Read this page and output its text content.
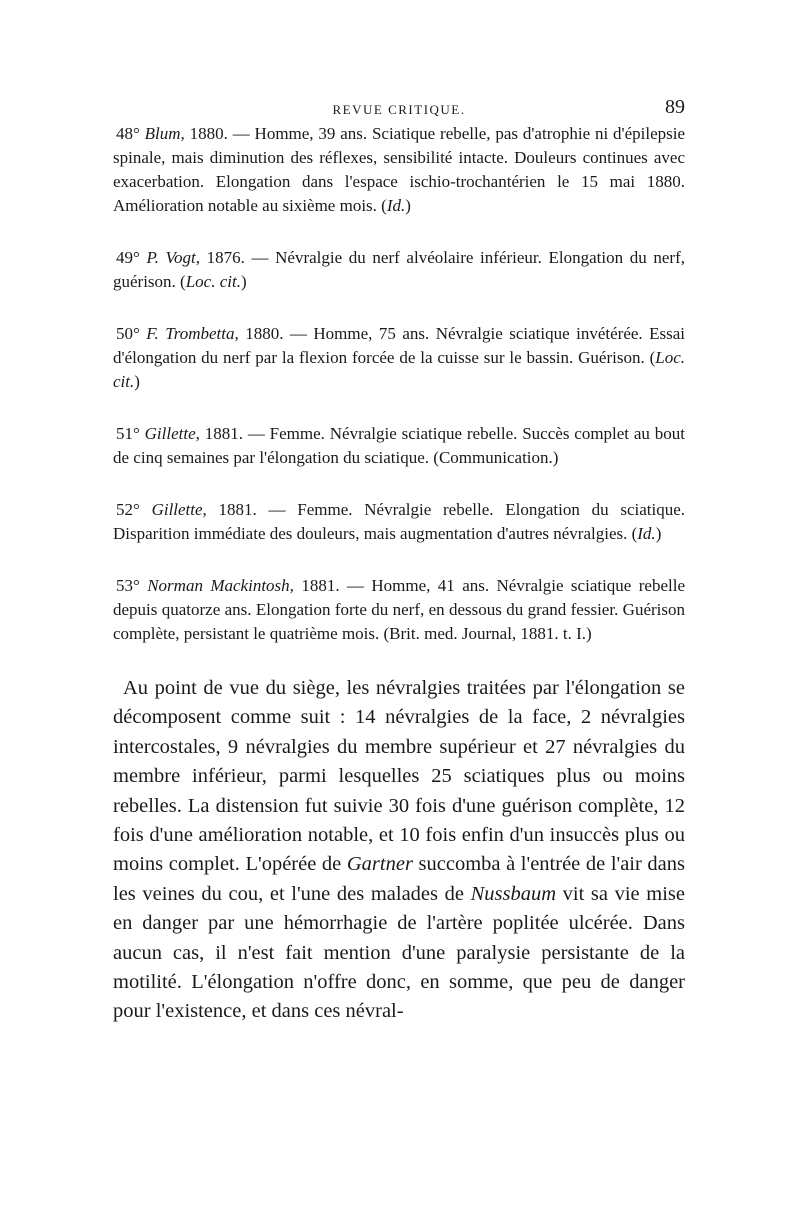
REVUE CRITIQUE.	89

48° Blum, 1880. — Homme, 39 ans. Sciatique rebelle, pas d'atrophie ni d'épilepsie spinale, mais diminution des réflexes, sensibilité intacte. Douleurs continues avec exacerbation. Elongation dans l'espace ischio-trochantérien le 15 mai 1880. Amélioration notable au sixième mois. (Id.)

49° P. Vogt, 1876. — Névralgie du nerf alvéolaire inférieur. Elongation du nerf, guérison. (Loc. cit.)

50° F. Trombetta, 1880. — Homme, 75 ans. Névralgie sciatique invétérée. Essai d'élongation du nerf par la flexion forcée de la cuisse sur le bassin. Guérison. (Loc. cit.)

51° Gillette, 1881. — Femme. Névralgie sciatique rebelle. Succès complet au bout de cinq semaines par l'élongation du sciatique. (Communication.)

52° Gillette, 1881. — Femme. Névralgie rebelle. Elongation du sciatique. Disparition immédiate des douleurs, mais augmentation d'autres névralgies. (Id.)

53° Norman Mackintosh, 1881. — Homme, 41 ans. Névralgie sciatique rebelle depuis quatorze ans. Elongation forte du nerf, en dessous du grand fessier. Guérison complète, persistant le quatrième mois. (Brit. med. Journal, 1881. t. I.)

Au point de vue du siège, les névralgies traitées par l'élongation se décomposent comme suit : 14 névralgies de la face, 2 névralgies intercostales, 9 névralgies du membre supérieur et 27 névralgies du membre inférieur, parmi lesquelles 25 sciatiques plus ou moins rebelles. La distension fut suivie 30 fois d'une guérison complète, 12 fois d'une amélioration notable, et 10 fois enfin d'un insuccès plus ou moins complet. L'opérée de Gartner succomba à l'entrée de l'air dans les veines du cou, et l'une des malades de Nussbaum vit sa vie mise en danger par une hémorrhagie de l'artère poplitée ulcérée. Dans aucun cas, il n'est fait mention d'une paralysie persistante de la motilité. L'élongation n'offre donc, en somme, que peu de danger pour l'existence, et dans ces névral-
